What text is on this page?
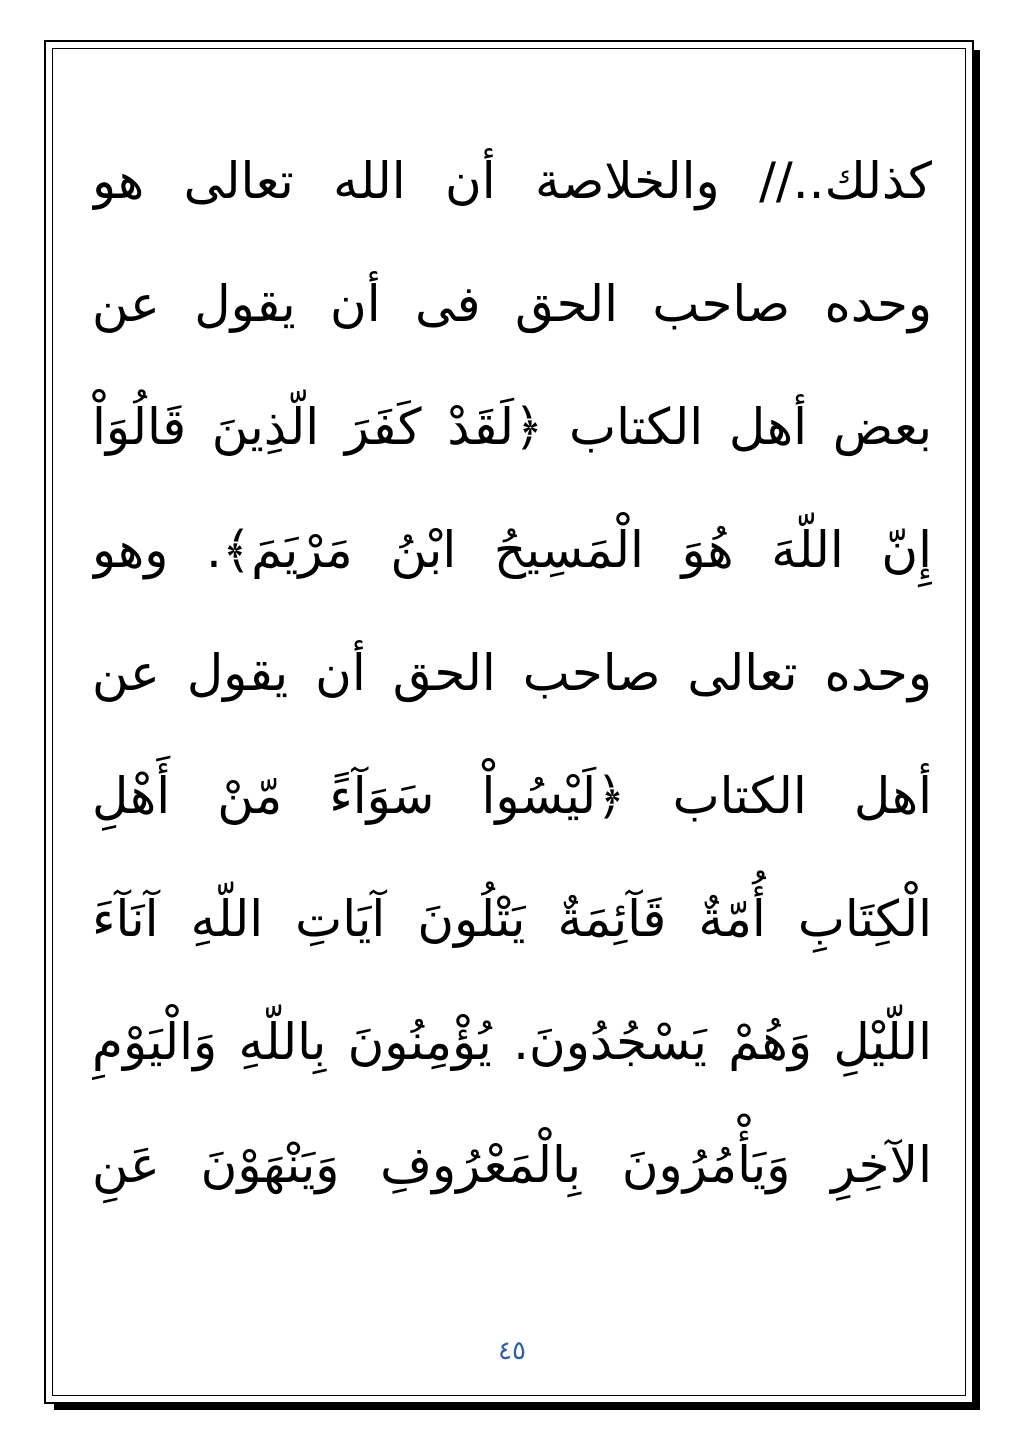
كذلك..// والخلاصة أن الله تعالى هو
وحده صاحب الحق فى أن يقول عن
بعض أهل الكتاب ﴿لَقَدْ كَفَرَ الّذِينَ قَالُوَاْ
إِنّ اللّهَ هُوَ الْمَسِيحُ ابْنُ مَرْيَمَ﴾. وهو
وحده تعالى صاحب الحق أن يقول عن
أهل الكتاب ﴿لَيْسُواْ سَوَآءً مّنْ أَهْلِ
الْكِتَابِ أُمّةٌ قَآئِمَةٌ يَتْلُونَ آيَاتِ اللّهِ آنَآءَ
اللّيْلِ وَهُمْ يَسْجُدُونَ. يُؤْمِنُونَ بِاللّهِ وَالْيَوْمِ
الآخِرِ وَيَأْمُرُونَ بِالْمَعْرُوفِ وَيَنْهَوْنَ عَنِ
٤٥
